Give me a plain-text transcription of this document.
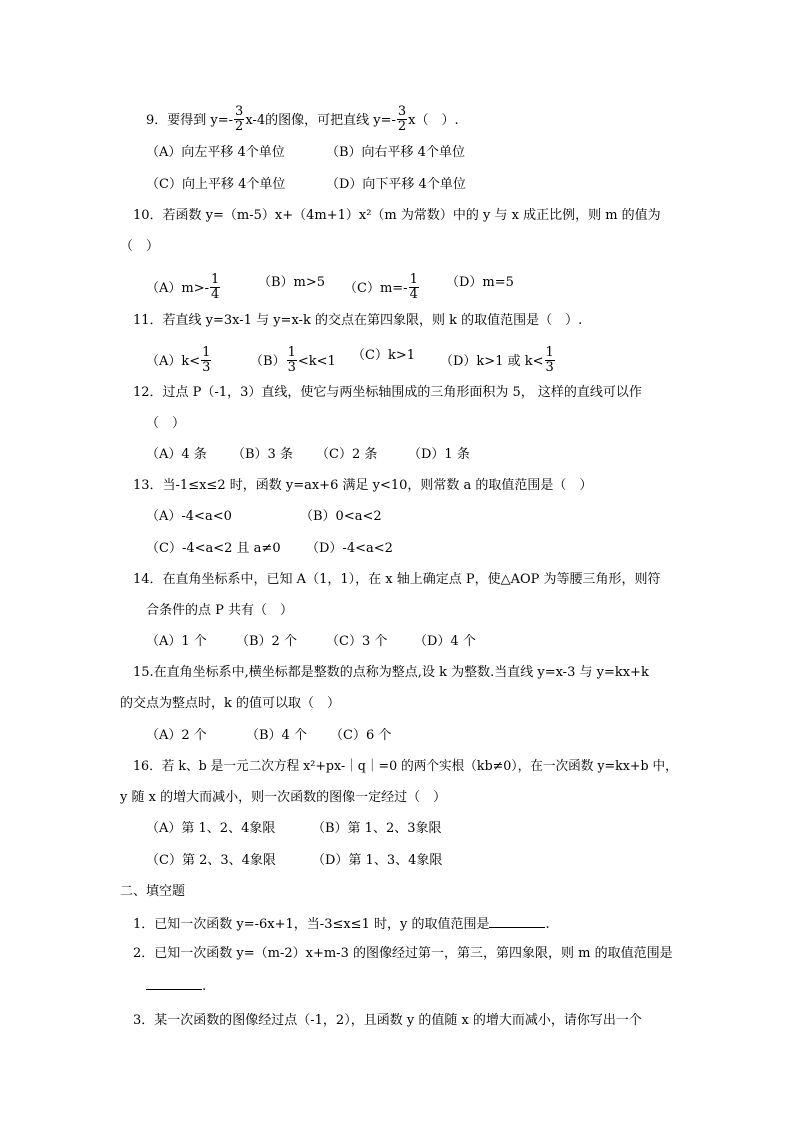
9．要得到 $y=- \frac{3}{2} x-4$的图像，可把直线 $y=- \frac{3}{2} x$（　）.
（A）向左平移 4个单位	（B）向右平移 4个单位
（C）向上平移 4个单位	（D）向下平移 4个单位
10．若函数 y=（m-5）x+（4m+1）x²（m 为常数）中的 y 与 x 成正比例，则 m 的值为
（　）
$(A)m>- \frac{1}{4}$	（B）m>5 $(C)m=- \frac{1}{4} (D)m=5$
11．若直线 y=3x-1 与 y=x-k 的交点在第四象限，则 k 的取值范围是（　）.
$(A)k< \frac{1}{3}$	$(B) \frac{1}{3} <k<1$ （C）k>1 （D）k>1 或 $k< \frac{1}{3}$
12．过点 P（-1，3）直线，使它与两坐标轴围成的三角形面积为 5， 这样的直线可以作
（　）
（A）4 条 （B）3 条 （C）2 条 （D）1 条
13．当-1≤x≤2 时，函数 y=ax+6 满足 y<10，则常数 a 的取值范围是（　）
（A）-4<a<0	（B）0<a<2
（C）-4<a<2 且 a≠0 （D）-4<a<2
14．在直角坐标系中，已知 A（1，1），在 x 轴上确定点 P，使△AOP 为等腰三角形，则符
合条件的点 P 共有（　）
（A）1 个 （B）2 个 （C）3 个 （D）4 个
15.在直角坐标系中,横坐标都是整数的点称为整点,设 k 为整数.当直线 y=x-3 与 y=kx+k
的交点为整点时，k 的值可以取（　）
（A）2 个	（B）4 个 （C）6 个
16．若 k、b 是一元二次方程 x²+px-｜q｜=0 的两个实根（kb≠0），在一次函数 y=kx+b 中，
y 随 x 的增大而减小，则一次函数的图像一定经过（　）
（A）第 1、2、4象限	（B）第 1、2、3象限
（C）第 2、3、4象限	（D）第 1、3、4象限
二、填空题
1．已知一次函数 y=-6x+1，当-3≤x≤1 时，y 的取值范围是	.
2．已知一次函数 y=（m-2）x+m-3 的图像经过第一，第三，第四象限，则 m 的取值范围是
.
3．某一次函数的图像经过点（-1，2），且函数 y 的值随 x 的增大而减小，请你写出一个
